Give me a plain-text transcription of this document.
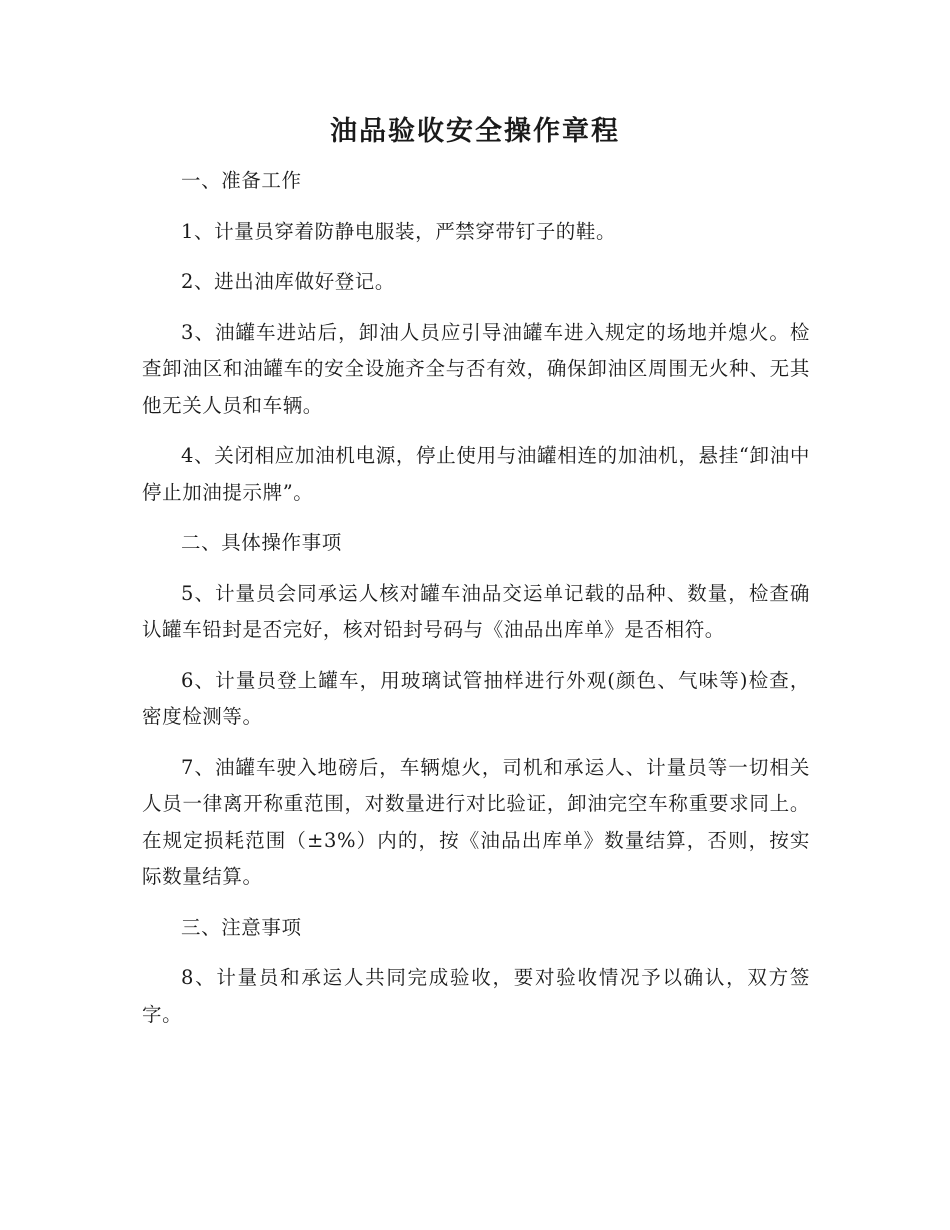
油品验收安全操作章程

一、准备工作

1、计量员穿着防静电服装，严禁穿带钉子的鞋。

2、进出油库做好登记。

3、油罐车进站后，卸油人员应引导油罐车进入规定的场地并熄火。检查卸油区和油罐车的安全设施齐全与否有效，确保卸油区周围无火种、无其他无关人员和车辆。

4、关闭相应加油机电源，停止使用与油罐相连的加油机，悬挂“卸油中停止加油提示牌”。

二、具体操作事项

5、计量员会同承运人核对罐车油品交运单记载的品种、数量，检查确认罐车铅封是否完好，核对铅封号码与《油品出库单》是否相符。

6、计量员登上罐车，用玻璃试管抽样进行外观(颜色、气味等)检查，密度检测等。

7、油罐车驶入地磅后，车辆熄火，司机和承运人、计量员等一切相关人员一律离开称重范围，对数量进行对比验证，卸油完空车称重要求同上。在规定损耗范围（±3%）内的，按《油品出库单》数量结算，否则，按实际数量结算。

三、注意事项

8、计量员和承运人共同完成验收，要对验收情况予以确认，双方签字。
